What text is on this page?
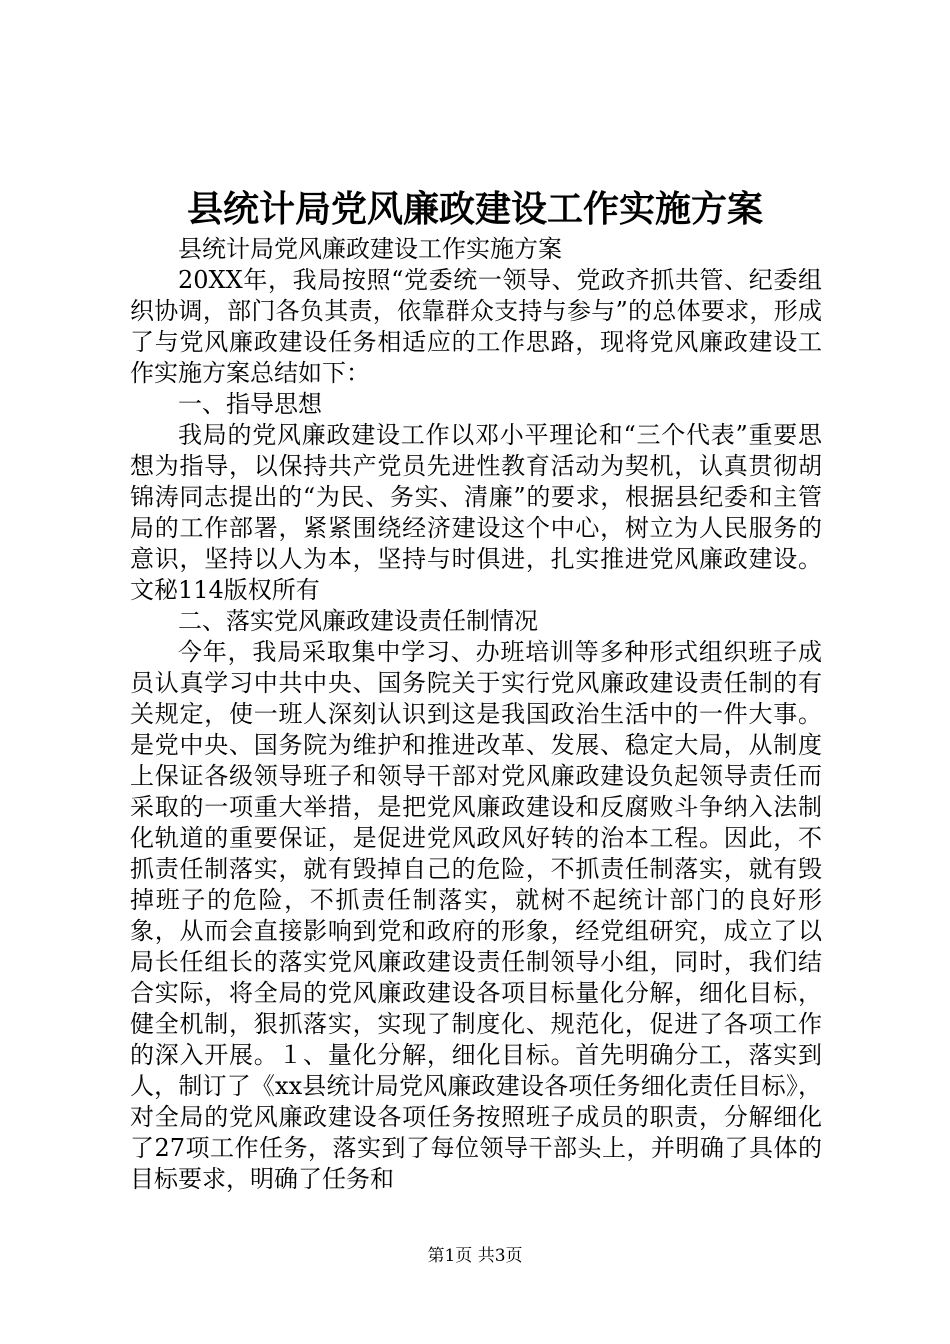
县统计局党风廉政建设工作实施方案

县统计局党风廉政建设工作实施方案

20XX年，我局按照“党委统一领导、党政齐抓共管、纪委组织协调，部门各负其责，依靠群众支持与参与”的总体要求，形成了与党风廉政建设任务相适应的工作思路，现将党风廉政建设工作实施方案总结如下：

一、指导思想

我局的党风廉政建设工作以邓小平理论和“三个代表”重要思想为指导，以保持共产党员先进性教育活动为契机，认真贯彻胡锦涛同志提出的“为民、务实、清廉”的要求，根据县纪委和主管局的工作部署，紧紧围绕经济建设这个中心，树立为人民服务的意识，坚持以人为本，坚持与时俱进，扎实推进党风廉政建设。文秘114版权所有

二、落实党风廉政建设责任制情况

今年，我局采取集中学习、办班培训等多种形式组织班子成员认真学习中共中央、国务院关于实行党风廉政建设责任制的有关规定，使一班人深刻认识到这是我国政治生活中的一件大事。是党中央、国务院为维护和推进改革、发展、稳定大局，从制度上保证各级领导班子和领导干部对党风廉政建设负起领导责任而采取的一项重大举措，是把党风廉政建设和反腐败斗争纳入法制化轨道的重要保证，是促进党风政风好转的治本工程。因此，不抓责任制落实，就有毁掉自己的危险，不抓责任制落实，就有毁掉班子的危险，不抓责任制落实，就树不起统计部门的良好形象，从而会直接影响到党和政府的形象，经党组研究，成立了以局长任组长的落实党风廉政建设责任制领导小组，同时，我们结合实际，将全局的党风廉政建设各项目标量化分解，细化目标，健全机制，狠抓落实，实现了制度化、规范化，促进了各项工作的深入开展。１、量化分解，细化目标。首先明确分工，落实到人，制订了《xx县统计局党风廉政建设各项任务细化责任目标》，对全局的党风廉政建设各项任务按照班子成员的职责，分解细化了27项工作任务，落实到了每位领导干部头上，并明确了具体的目标要求，明确了任务和

第1页 共3页
